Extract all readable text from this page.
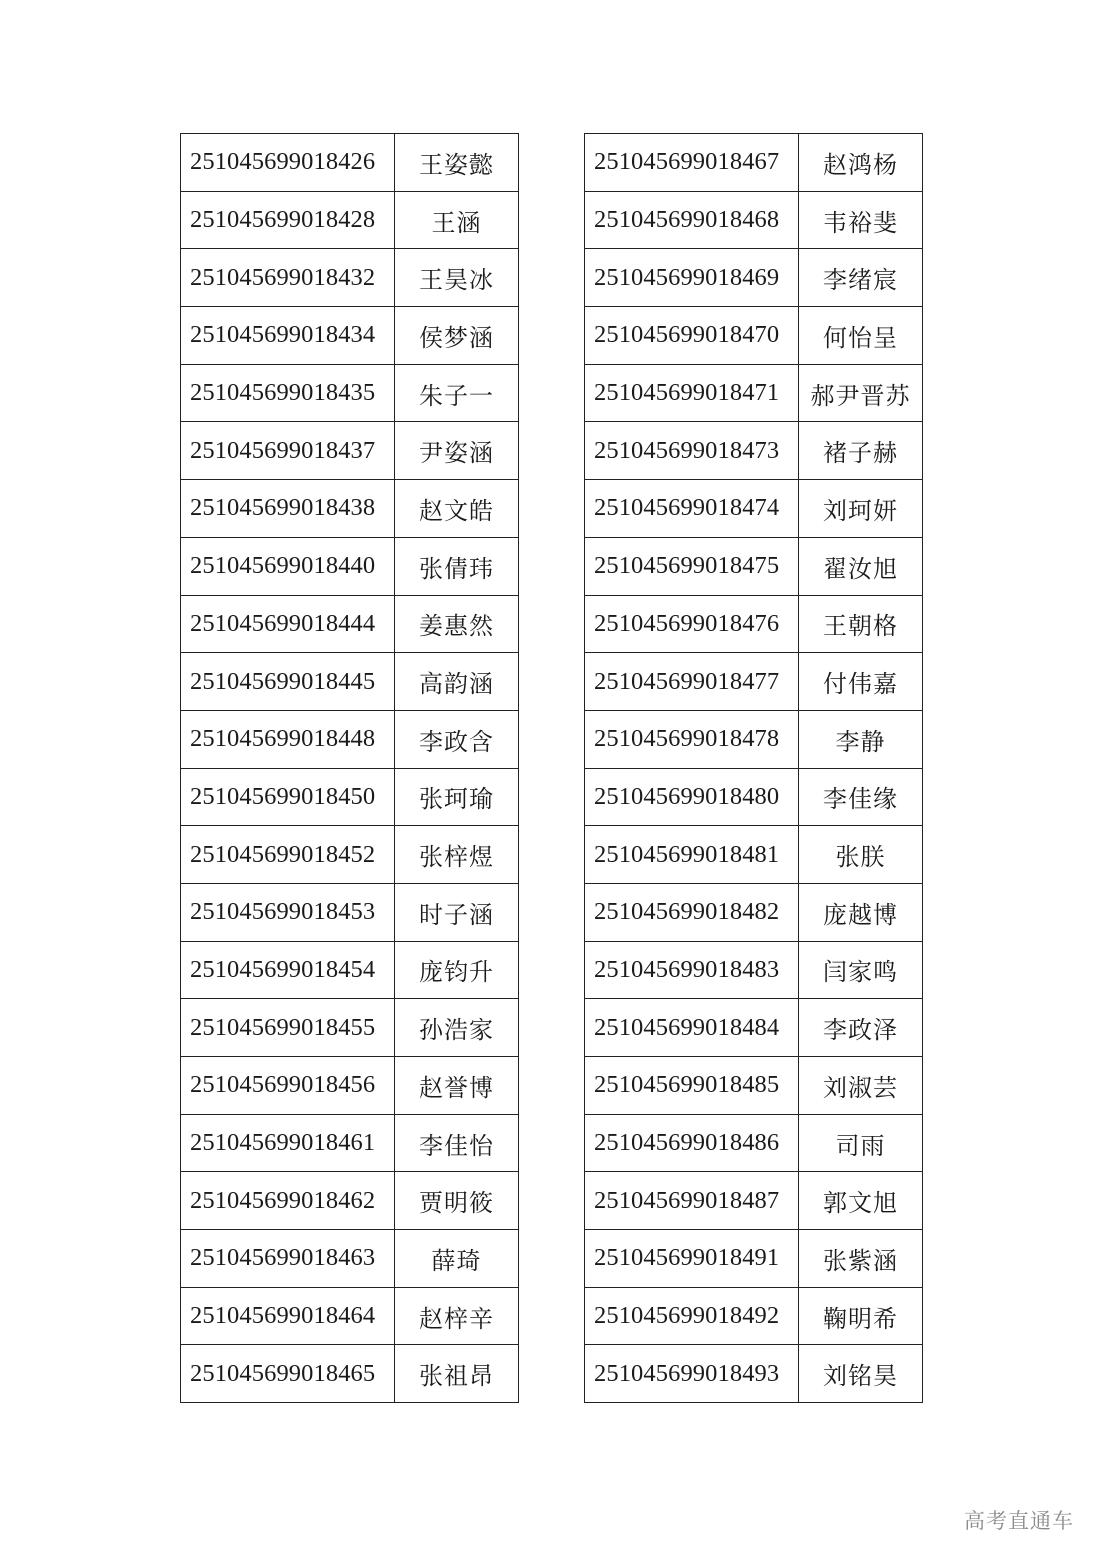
251045699018426	王姿懿
251045699018428	王涵
251045699018432	王昊冰
251045699018434	侯梦涵
251045699018435	朱子一
251045699018437	尹姿涵
251045699018438	赵文皓
251045699018440	张倩玮
251045699018444	姜惠然
251045699018445	高韵涵
251045699018448	李政含
251045699018450	张珂瑜
251045699018452	张梓煜
251045699018453	时子涵
251045699018454	庞钧升
251045699018455	孙浩家
251045699018456	赵誉博
251045699018461	李佳怡
251045699018462	贾明筱
251045699018463	薛琦
251045699018464	赵梓辛
251045699018465	张祖昂
251045699018467	赵鸿杨
251045699018468	韦裕斐
251045699018469	李绪宸
251045699018470	何怡呈
251045699018471	郝尹晋苏
251045699018473	褚子赫
251045699018474	刘珂妍
251045699018475	翟汝旭
251045699018476	王朝格
251045699018477	付伟嘉
251045699018478	李静
251045699018480	李佳缘
251045699018481	张朕
251045699018482	庞越博
251045699018483	闫家鸣
251045699018484	李政泽
251045699018485	刘淑芸
251045699018486	司雨
251045699018487	郭文旭
251045699018491	张紫涵
251045699018492	鞠明希
251045699018493	刘铭昊
高考直通车
